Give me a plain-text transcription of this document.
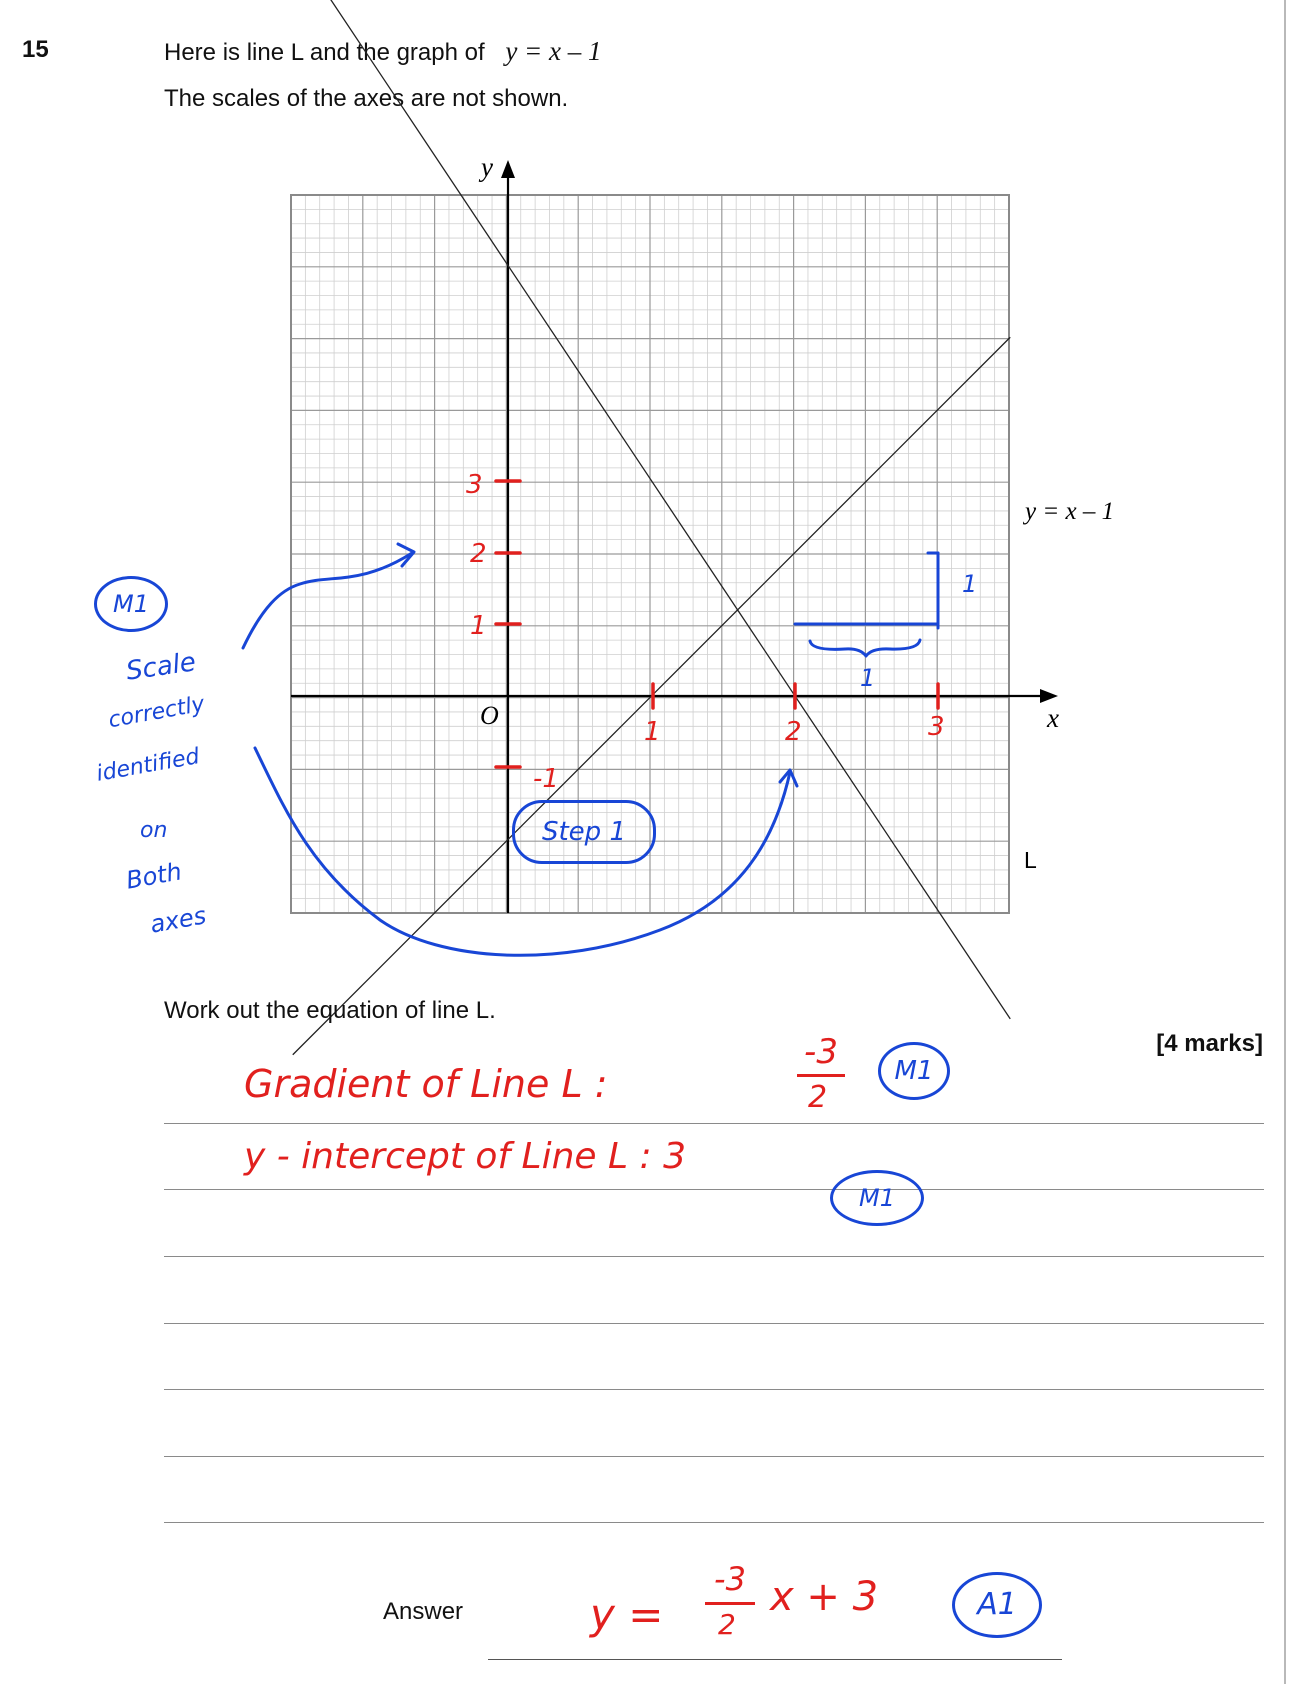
15	Here is line L and the graph of y = x – 1
The scales of the axes are not shown.
y
x
O
y = x – 1
L
1	2	3
-1
1
2
3
1
1
M1
Scale
correctly
identified
on
Both
axes
Step 1
Work out the equation of line L.
[4 marks]
Gradient of Line L :
-3
2
M1
y - intercept of Line L : 3
M1
Answer	y =
-3
2
x + 3	A1
